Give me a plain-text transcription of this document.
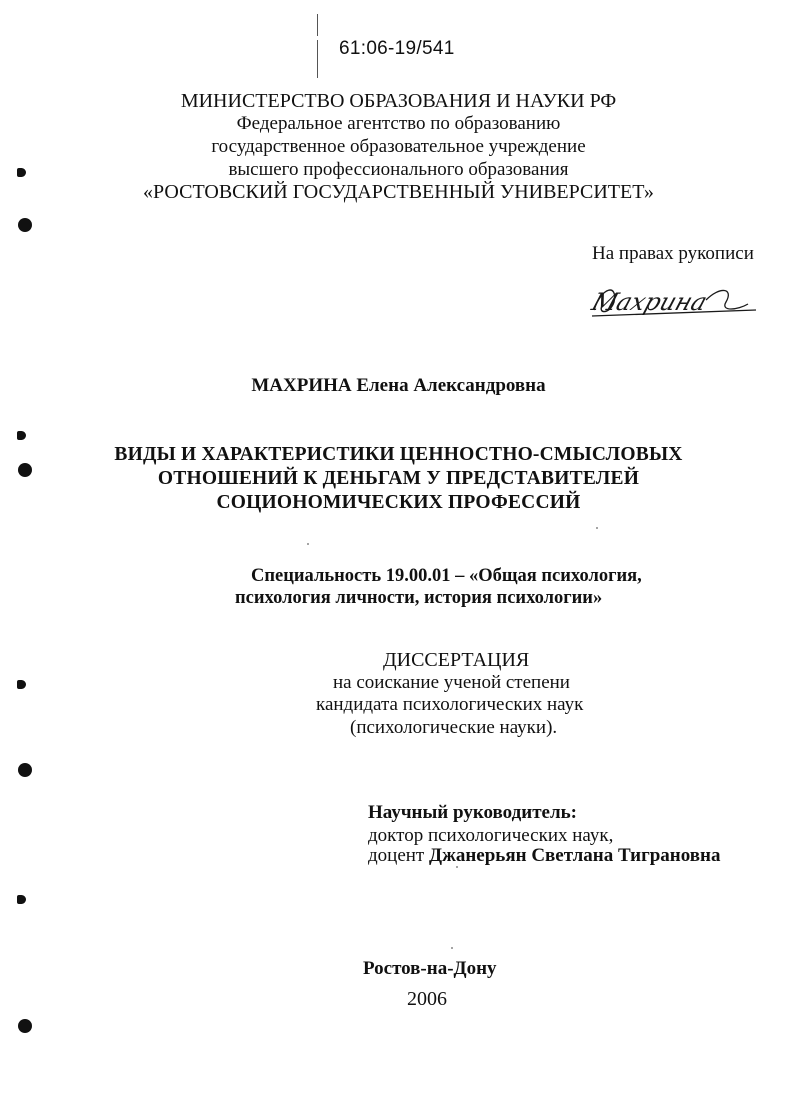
61:06-19/541
МИНИСТЕРСТВО ОБРАЗОВАНИЯ И НАУКИ РФ
Федеральное агентство по образованию
государственное образовательное учреждение
высшего профессионального образования
«РОСТОВСКИЙ ГОСУДАРСТВЕННЫЙ УНИВЕРСИТЕТ»
На правах рукописи
Махрина
МАХРИНА Елена Александровна
ВИДЫ И ХАРАКТЕРИСТИКИ ЦЕННОСТНО-СМЫСЛОВЫХ
ОТНОШЕНИЙ К ДЕНЬГАМ У ПРЕДСТАВИТЕЛЕЙ
СОЦИОНОМИЧЕСКИХ ПРОФЕССИЙ
Специальность 19.00.01 – «Общая психология,
психология личности, история психологии»
ДИССЕРТАЦИЯ
на соискание ученой степени
кандидата психологических наук
(психологические науки).
Научный руководитель:
доктор психологических наук,
доцент Джанерьян Светлана Тиграновна
Ростов-на-Дону
2006
